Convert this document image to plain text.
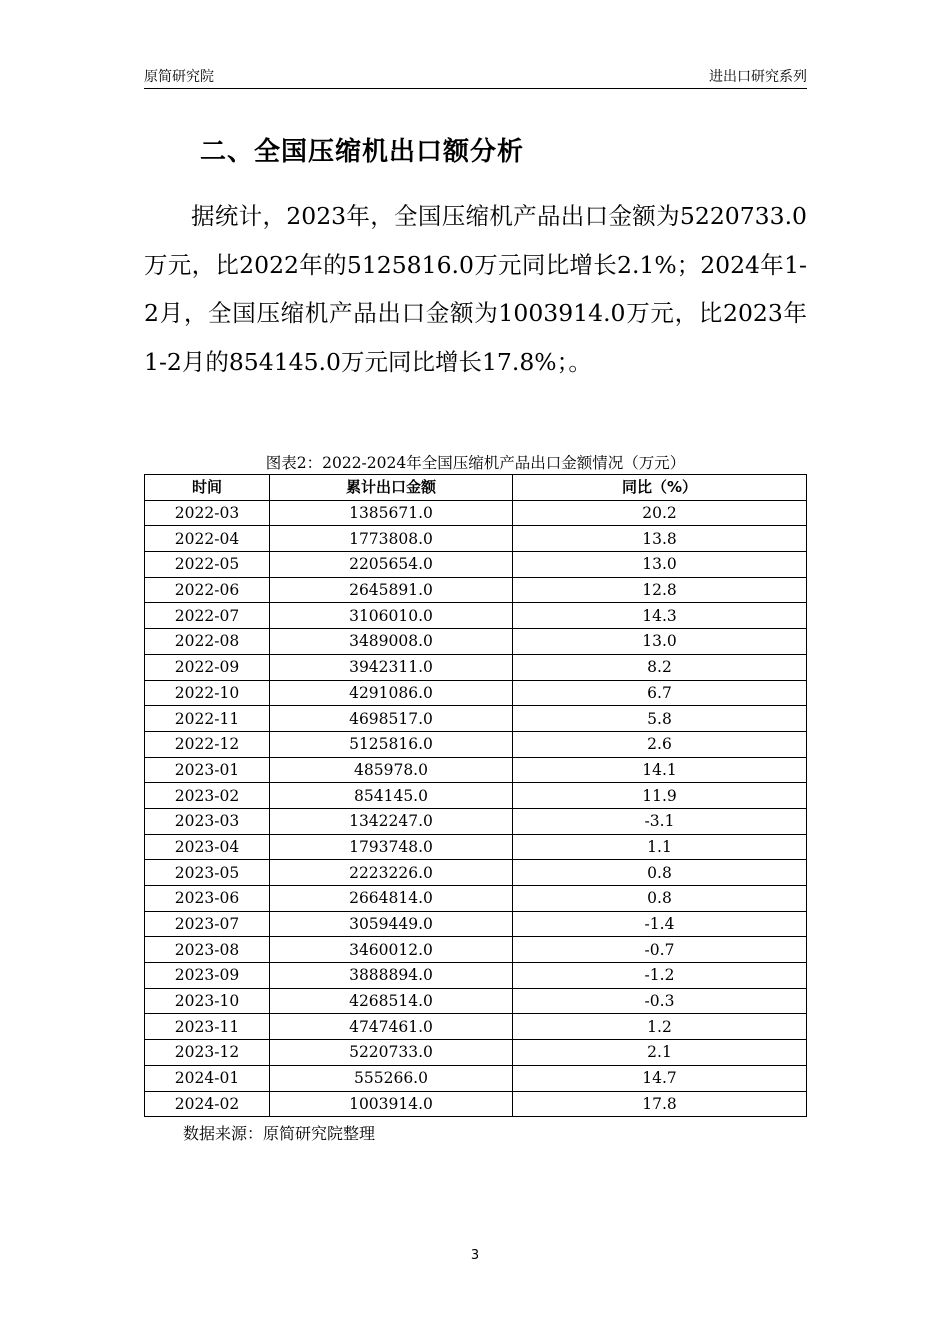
原简研究院	进出口研究系列
二、全国压缩机出口额分析

据统计，2023年，全国压缩机产品出口金额为5220733.0万元，比2022年的5125816.0万元同比增长2.1%；2024年1-2月，全国压缩机产品出口金额为1003914.0万元，比2023年1-2月的854145.0万元同比增长17.8%；。

图表2：2022-2024年全国压缩机产品出口金额情况（万元）
时间	累计出口金额	同比（%）
2022-03	1385671.0	20.2
2022-04	1773808.0	13.8
2022-05	2205654.0	13.0
2022-06	2645891.0	12.8
2022-07	3106010.0	14.3
2022-08	3489008.0	13.0
2022-09	3942311.0	8.2
2022-10	4291086.0	6.7
2022-11	4698517.0	5.8
2022-12	5125816.0	2.6
2023-01	485978.0	14.1
2023-02	854145.0	11.9
2023-03	1342247.0	-3.1
2023-04	1793748.0	1.1
2023-05	2223226.0	0.8
2023-06	2664814.0	0.8
2023-07	3059449.0	-1.4
2023-08	3460012.0	-0.7
2023-09	3888894.0	-1.2
2023-10	4268514.0	-0.3
2023-11	4747461.0	1.2
2023-12	5220733.0	2.1
2024-01	555266.0	14.7
2024-02	1003914.0	17.8
数据来源：原简研究院整理
3
